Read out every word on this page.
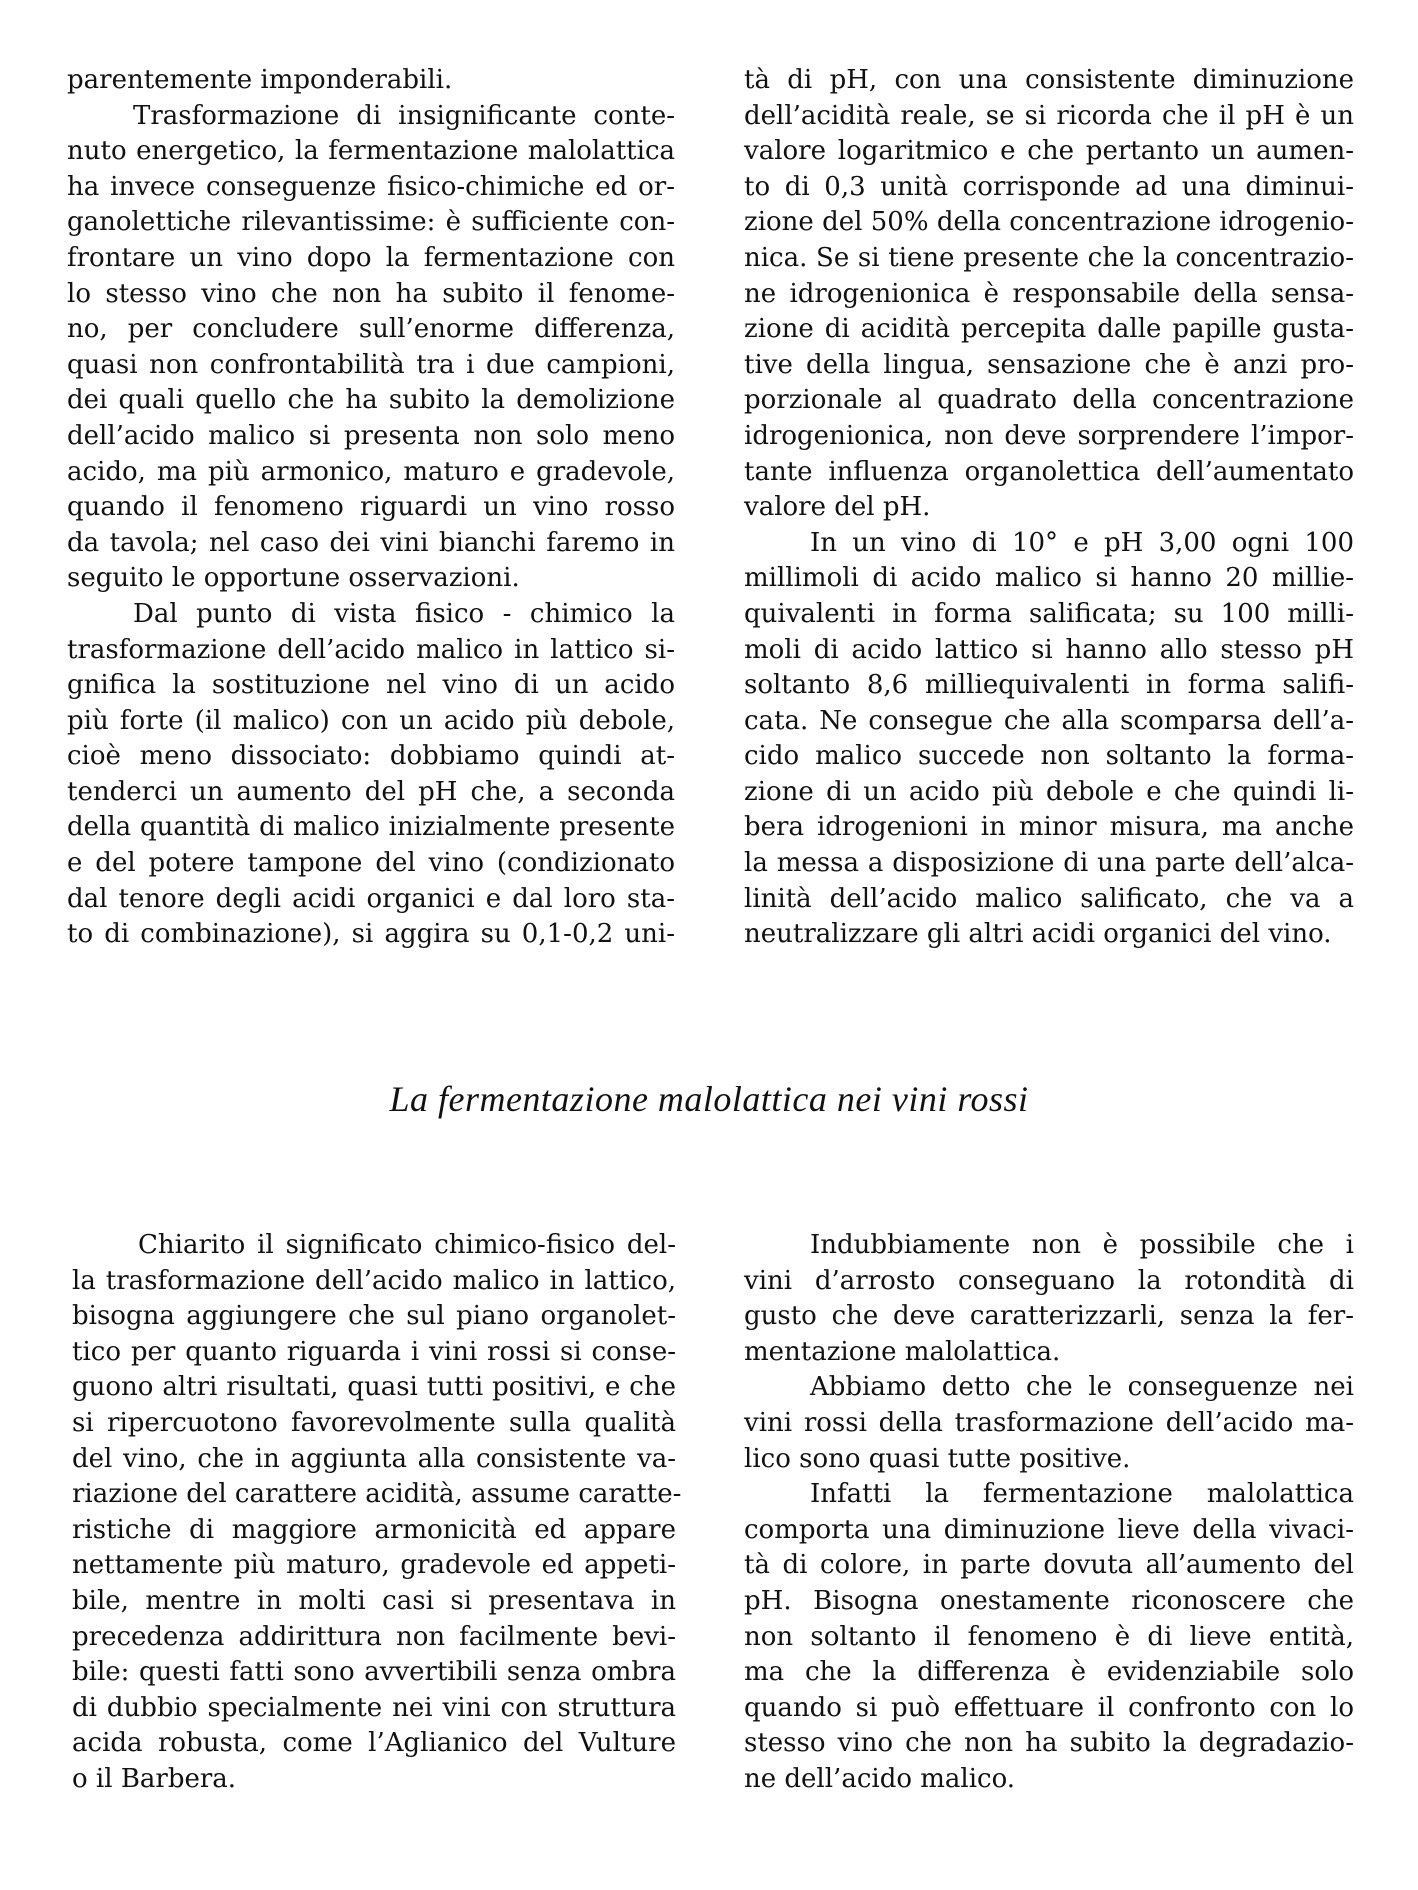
parentemente imponderabili.
Trasformazione di insignificante conte-
nuto energetico, la fermentazione malolattica
ha invece conseguenze fisico-chimiche ed or-
ganolettiche rilevantissime: è sufficiente con-
frontare un vino dopo la fermentazione con
lo stesso vino che non ha subito il fenome-
no, per concludere sull’enorme differenza,
quasi non confrontabilità tra i due campioni,
dei quali quello che ha subito la demolizione
dell’acido malico si presenta non solo meno
acido, ma più armonico, maturo e gradevole,
quando il fenomeno riguardi un vino rosso
da tavola; nel caso dei vini bianchi faremo in
seguito le opportune osservazioni.
Dal punto di vista fisico - chimico la
trasformazione dell’acido malico in lattico si-
gnifica la sostituzione nel vino di un acido
più forte (il malico) con un acido più debole,
cioè meno dissociato: dobbiamo quindi at-
tenderci un aumento del pH che, a seconda
della quantità di malico inizialmente presente
e del potere tampone del vino (condizionato
dal tenore degli acidi organici e dal loro sta-
to di combinazione), si aggira su 0,1-0,2 uni-
tà di pH, con una consistente diminuzione
dell’acidità reale, se si ricorda che il pH è un
valore logaritmico e che pertanto un aumen-
to di 0,3 unità corrisponde ad una diminui-
zione del 50% della concentrazione idrogenio-
nica. Se si tiene presente che la concentrazio-
ne idrogenionica è responsabile della sensa-
zione di acidità percepita dalle papille gusta-
tive della lingua, sensazione che è anzi pro-
porzionale al quadrato della concentrazione
idrogenionica, non deve sorprendere l’impor-
tante influenza organolettica dell’aumentato
valore del pH.
In un vino di 10° e pH 3,00 ogni 100
millimoli di acido malico si hanno 20 millie-
quivalenti in forma salificata; su 100 milli-
moli di acido lattico si hanno allo stesso pH
soltanto 8,6 milliequivalenti in forma salifi-
cata. Ne consegue che alla scomparsa dell’a-
cido malico succede non soltanto la forma-
zione di un acido più debole e che quindi li-
bera idrogenioni in minor misura, ma anche
la messa a disposizione di una parte dell’alca-
linità dell’acido malico salificato, che va a
neutralizzare gli altri acidi organici del vino.
La fermentazione malolattica nei vini rossi
Chiarito il significato chimico-fisico del-
la trasformazione dell’acido malico in lattico,
bisogna aggiungere che sul piano organolet-
tico per quanto riguarda i vini rossi si conse-
guono altri risultati, quasi tutti positivi, e che
si ripercuotono favorevolmente sulla qualità
del vino, che in aggiunta alla consistente va-
riazione del carattere acidità, assume caratte-
ristiche di maggiore armonicità ed appare
nettamente più maturo, gradevole ed appeti-
bile, mentre in molti casi si presentava in
precedenza addirittura non facilmente bevi-
bile: questi fatti sono avvertibili senza ombra
di dubbio specialmente nei vini con struttura
acida robusta, come l’Aglianico del Vulture
o il Barbera.
Indubbiamente non è possibile che i
vini d’arrosto conseguano la rotondità di
gusto che deve caratterizzarli, senza la fer-
mentazione malolattica.
Abbiamo detto che le conseguenze nei
vini rossi della trasformazione dell’acido ma-
lico sono quasi tutte positive.
Infatti la fermentazione malolattica
comporta una diminuzione lieve della vivaci-
tà di colore, in parte dovuta all’aumento del
pH. Bisogna onestamente riconoscere che
non soltanto il fenomeno è di lieve entità,
ma che la differenza è evidenziabile solo
quando si può effettuare il confronto con lo
stesso vino che non ha subito la degradazio-
ne dell’acido malico.
